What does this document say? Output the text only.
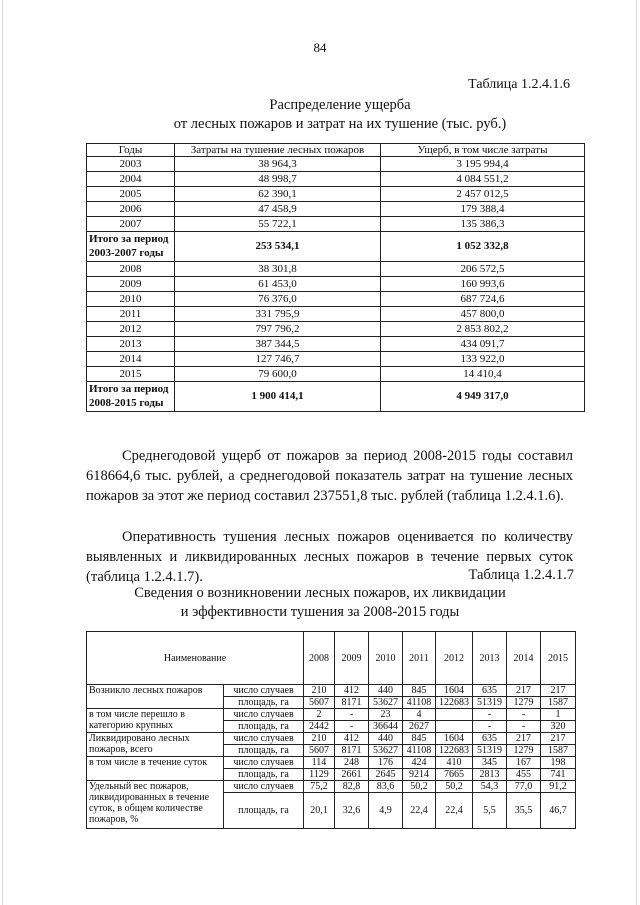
84
Таблица 1.2.4.1.6
Распределение ущерба
от лесных пожаров и затрат на их тушение (тыс. руб.)
Годы	Затраты на тушение лесных пожаров	Ущерб, в том числе затраты
2003	38 964,3	3 195 994,4
2004	48 998,7	4 084 551,2
2005	62 390,1	2 457 012,5
2006	47 458,9	179 388,4
2007	55 722,1	135 386,3
Итого за период 2003-2007 годы	253 534,1	1 052 332,8
2008	38 301,8	206 572,5
2009	61 453,0	160 993,6
2010	76 376,0	687 724,6
2011	331 795,9	457 800,0
2012	797 796,2	2 853 802,2
2013	387 344,5	434 091,7
2014	127 746,7	133 922,0
2015	79 600,0	14 410,4
Итого за период 2008-2015 годы	1 900 414,1	4 949 317,0
Среднегодовой ущерб от пожаров за период 2008-2015 годы составил 618664,6 тыс. рублей, а среднегодовой показатель затрат на тушение лесных пожаров за этот же период составил 237551,8 тыс. рублей (таблица 1.2.4.1.6).
Оперативность тушения лесных пожаров оценивается по количеству выявленных и ликвидированных лесных пожаров в течение первых суток (таблица 1.2.4.1.7).	Таблица 1.2.4.1.7
Сведения о возникновении лесных пожаров, их ликвидации
и эффективности тушения за 2008-2015 годы
Наименование		2008	2009	2010	2011	2012	2013	2014	2015
Возникло лесных пожаров	число случаев	210	412	440	845	1604	635	217	217
	площадь, га	5607	8171	53627	41108	122683	51319	1279	1587
в том числе перешло в категорию крупных	число случаев	2	-	23	4		-	-	1
	площадь, га	2442	-	36644	2627		-	-	320
Ликвидировано лесных пожаров, всего	число случаев	210	412	440	845	1604	635	217	217
	площадь, га	5607	8171	53627	41108	122683	51319	1279	1587
в том числе в течение суток	число случаев	114	248	176	424	410	345	167	198
	площадь, га	1129	2661	2645	9214	7665	2813	455	741
Удельный вес пожаров, ликвидированных в течение суток, в общем количестве пожаров, %	число случаев	75,2	82,8	83,6	50,2	50,2	54,3	77,0	91,2
	площадь, га	20,1	32,6	4,9	22,4	22,4	5,5	35,5	46,7
